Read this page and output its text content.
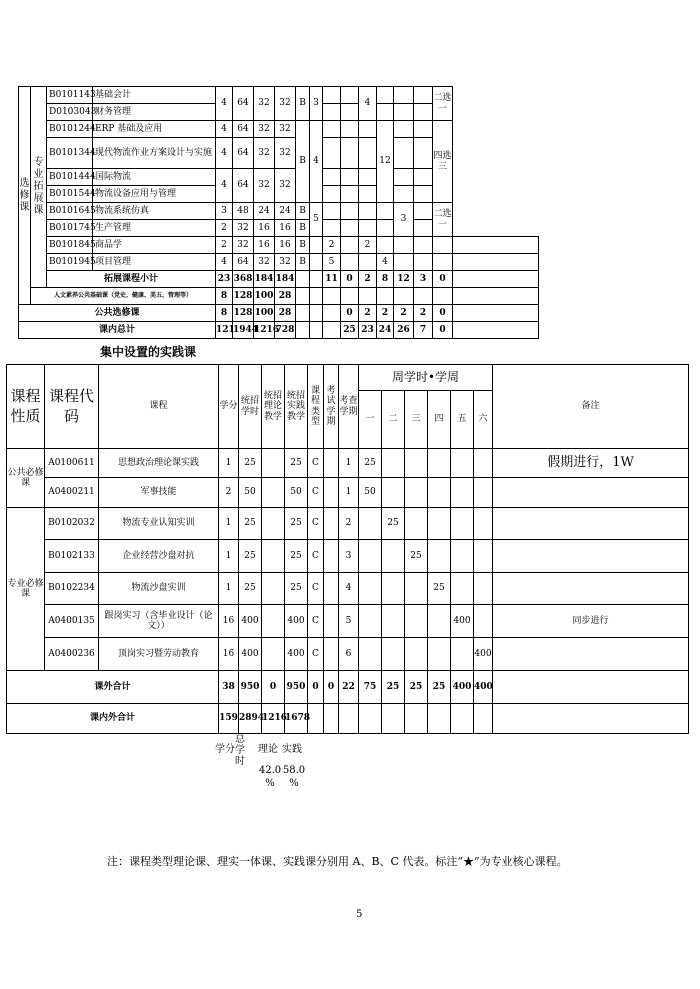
选修课	专业拓展课	B0101143	基础会计	4	64	32	32	B	3			4				二选一	
		D0103043	财务管理														
		B0101244	ERP 基础及应用	4	64	32	32	B	4				12			四选三	
		B0101344	现代物流作业方案设计与实施	4	64	32	32										
		B0101444	国际物流	4	64	32	32										
		B0101544	物流设备应用与管理														
		B0101645	物流系统仿真	3	48	24	24	B	5					3		二选一	
		B0101745	生产管理	2	32	16	16	B									
		B0101845	商品学	2	32	16	16	B		2		2					
		B0101945	项目管理	4	64	32	32	B		5			4				
		拓展课程小计		23	368	184	184			11	0	2	8	12	3	0	
	人文素养公共基础课（党史、健康、美五、管理等）			8	128	100	28										
公共选修课				8	128	100	28				0	2	2	2	2	0	
课内总计				121	1944	1216	728				25	23	24	26	7	0	
集中设置的实践课
课程性质	课程代码	课程	学分	统招学时	统招理论教学	统招实践教学	课程类型	考试学期	考查学期	周学时•学周						备注
										一	二	三	四	五	六	
公共必修课	A0100611	思想政治理论课实践	1	25		25	C		1	25						假期进行，1W
	A0400211	军事技能	2	50		50	C		1	50						
专业必修课	B0102032	物流专业认知实训	1	25		25	C		2		25					
	B0102133	企业经营沙盘对抗	1	25		25	C		3			25				
	B0102234	物流沙盘实训	1	25		25	C		4				25			
	A0400135	跟岗实习（含毕业设计（论文））	16	400		400	C		5					400		同步进行
	A0400236	顶岗实习暨劳动教育	16	400		400	C		6						400	
课外合计			38	950	0	950	0	0	22	75	25	25	25	400	400	
课内外合计			159	2894	1216	1678										
学分
总学时
理论 实践
42.0 %
58.0 %
注：课程类型理论课、理实一体课、实践课分别用 A、B、C 代表。标注“★”为专业核心课程。
5
